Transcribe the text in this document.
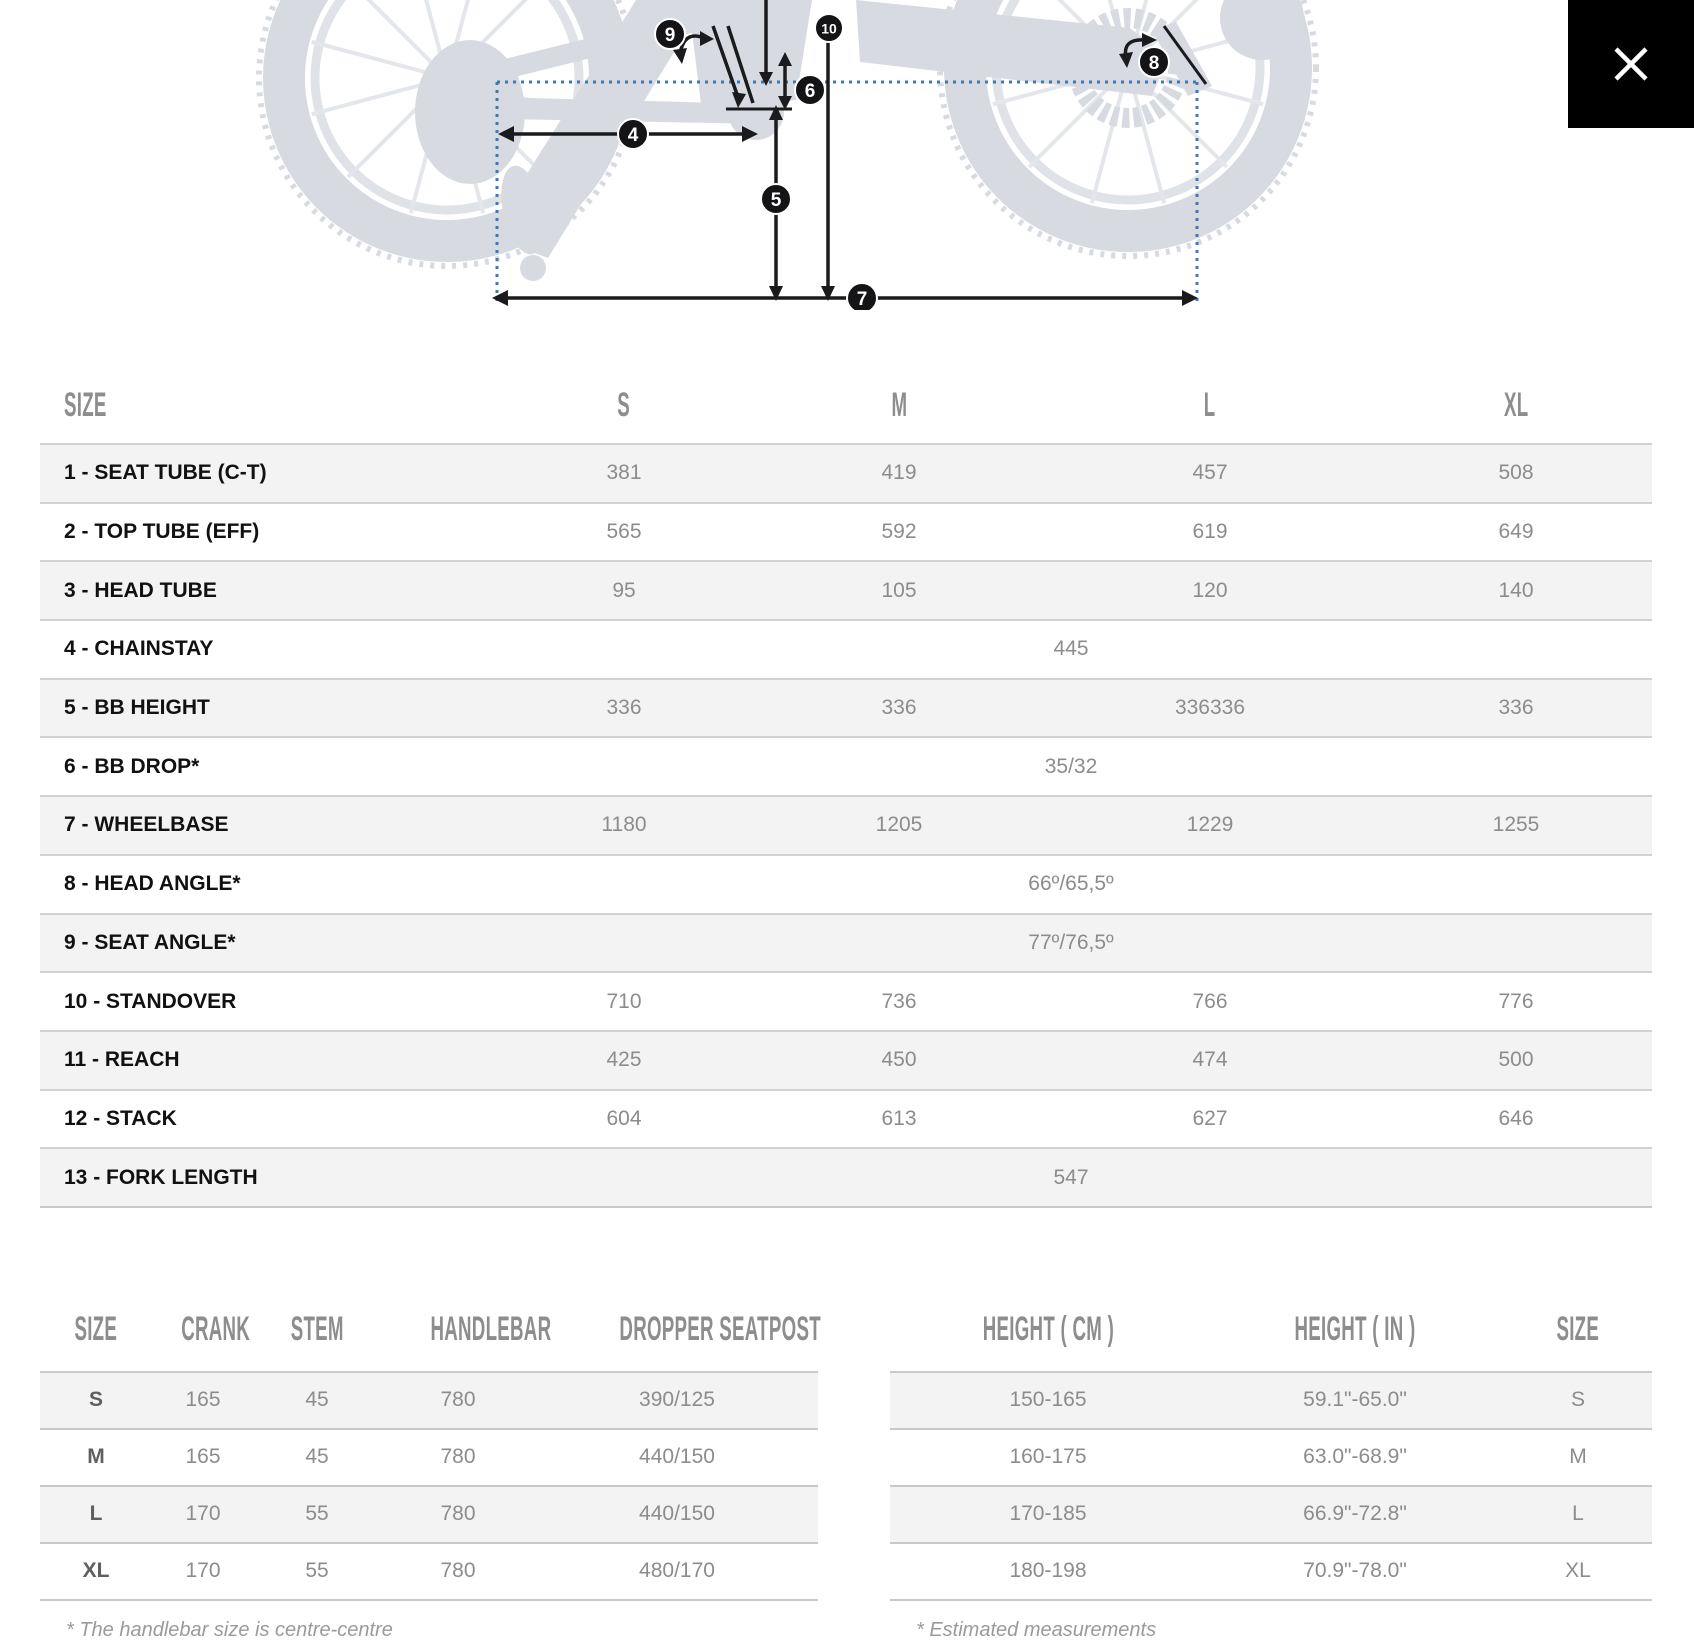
4
5
6
7
8
9	10
SIZE	S	M	L	XL
1 - SEAT TUBE (C-T)	381	419	457	508
2 - TOP TUBE (EFF)	565	592	619	649
3 - HEAD TUBE	95	105	120	140
4 - CHAINSTAY	445			
5 - BB HEIGHT	336	336	336336	336
6 - BB DROP*	35/32			
7 - WHEELBASE	1180	1205	1229	1255
8 - HEAD ANGLE*	66º/65,5º			
9 - SEAT ANGLE*	77º/76,5º			
10 - STANDOVER	710	736	766	776
11 - REACH	425	450	474	500
12 - STACK	604	613	627	646
13 - FORK LENGTH	547			
SIZE	CRANK	STEM	HANDLEBAR	DROPPER SEATPOST
S	165	45	780	390/125
M	165	45	780	440/150
L	170	55	780	440/150
XL	170	55	780	480/170

* The handlebar size is centre-centre

HEIGHT ( CM )	HEIGHT ( IN )	SIZE
150-165	59.1"-65.0"	S
160-175	63.0"-68.9"	M
170-185	66.9"-72.8"	L
180-198	70.9"-78.0"	XL

* Estimated measurements
